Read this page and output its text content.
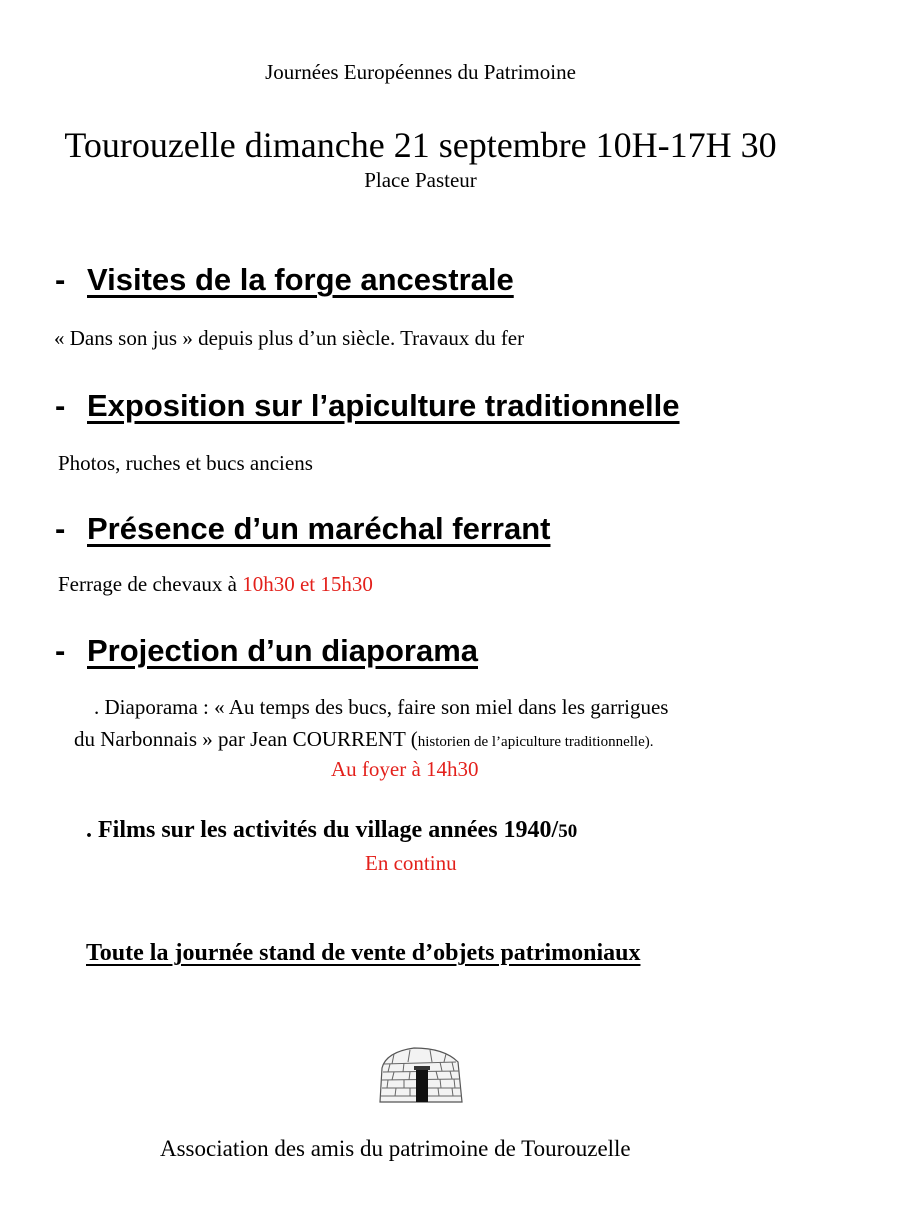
Journées Européennes du Patrimoine
Tourouzelle dimanche 21 septembre 10H-17H 30
Place Pasteur
- Visites de la forge ancestrale
« Dans son jus » depuis plus d’un siècle. Travaux du fer
- Exposition sur l’apiculture traditionnelle
Photos, ruches et bucs anciens
- Présence d’un maréchal ferrant
Ferrage de chevaux à 10h30 et 15h30
- Projection d’un diaporama
. Diaporama : « Au temps des bucs, faire son miel dans les garrigues
du Narbonnais » par Jean COURRENT (historien de l’apiculture traditionnelle).
Au foyer à 14h30
. Films sur les activités du village années 1940/50
En continu
Toute la journée stand de vente d’objets patrimoniaux
Association des amis du patrimoine de Tourouzelle
